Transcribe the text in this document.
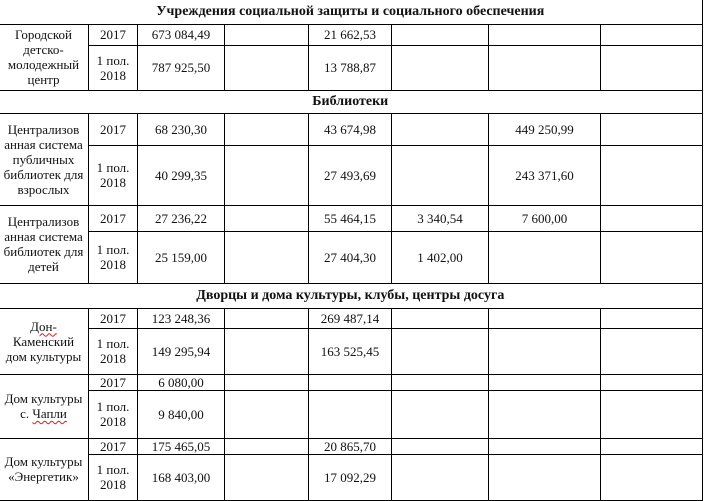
Учреждения социальной защиты и социального обеспечения							
Городской детско-молодежный центр	2017	673 084,49		21 662,53			
	1 пол. 2018	787 925,50		13 788,87			
Библиотеки							
Централизов анная система публичных библиотек для взрослых	2017	68 230,30		43 674,98		449 250,99	
	1 пол. 2018	40 299,35		27 493,69		243 371,60	
Централизов анная система библиотек для детей	2017	27 236,22		55 464,15	3 340,54	7 600,00	
	1 пол. 2018	25 159,00		27 404,30	1 402,00		
Дворцы и дома культуры, клубы, центры досуга							
Дон- Каменский дом культуры	2017	123 248,36		269 487,14			
	1 пол. 2018	149 295,94		163 525,45			
Дом культуры с. Чапли	2017	6 080,00					
	1 пол. 2018	9 840,00					
Дом культуры «Энергетик»	2017	175 465,05		20 865,70			
	1 пол. 2018	168 403,00		17 092,29			
